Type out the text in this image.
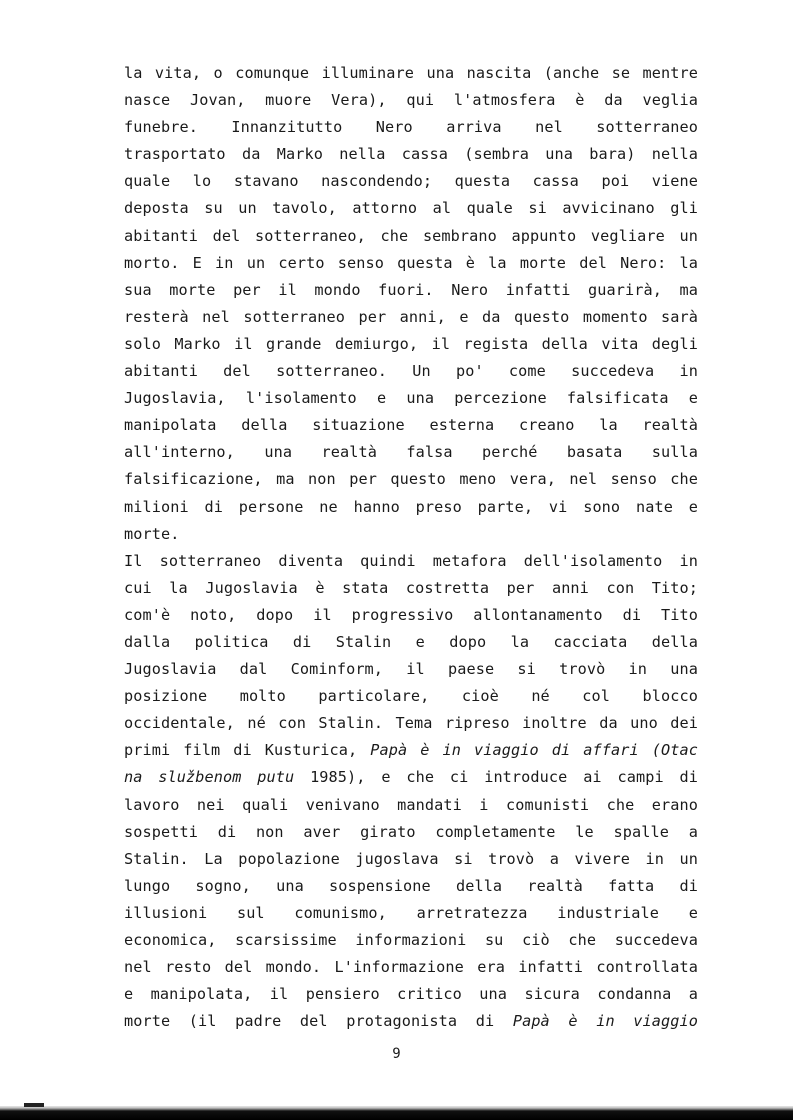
la vita, o comunque illuminare una nascita (anche se mentre
nasce Jovan, muore Vera), qui l'atmosfera è da veglia
funebre. Innanzitutto Nero arriva nel sotterraneo
trasportato da Marko nella cassa (sembra una bara) nella
quale lo stavano nascondendo; questa cassa poi viene
deposta su un tavolo, attorno al quale si avvicinano gli
abitanti del sotterraneo, che sembrano appunto vegliare un
morto. E in un certo senso questa è la morte del Nero: la
sua morte per il mondo fuori. Nero infatti guarirà, ma
resterà nel sotterraneo per anni, e da questo momento sarà
solo Marko il grande demiurgo, il regista della vita degli
abitanti del sotterraneo. Un po' come succedeva in
Jugoslavia, l'isolamento e una percezione falsificata e
manipolata della situazione esterna creano la realtà
all'interno, una realtà falsa perché basata sulla
falsificazione, ma non per questo meno vera, nel senso che
milioni di persone ne hanno preso parte, vi sono nate e
morte.
Il sotterraneo diventa quindi metafora dell'isolamento in
cui la Jugoslavia è stata costretta per anni con Tito;
com'è noto, dopo il progressivo allontanamento di Tito
dalla politica di Stalin e dopo la cacciata della
Jugoslavia dal Cominform, il paese si trovò in una
posizione molto particolare, cioè né col blocco
occidentale, né con Stalin. Tema ripreso inoltre da uno dei
primi film di Kusturica, Papà è in viaggio di affari (Otac
na službenom putu 1985), e che ci introduce ai campi di
lavoro nei quali venivano mandati i comunisti che erano
sospetti di non aver girato completamente le spalle a
Stalin. La popolazione jugoslava si trovò a vivere in un
lungo sogno, una sospensione della realtà fatta di
illusioni sul comunismo, arretratezza industriale e
economica, scarsissime informazioni su ciò che succedeva
nel resto del mondo. L'informazione era infatti controllata
e manipolata, il pensiero critico una sicura condanna a
morte (il padre del protagonista di Papà è in viaggio
9
